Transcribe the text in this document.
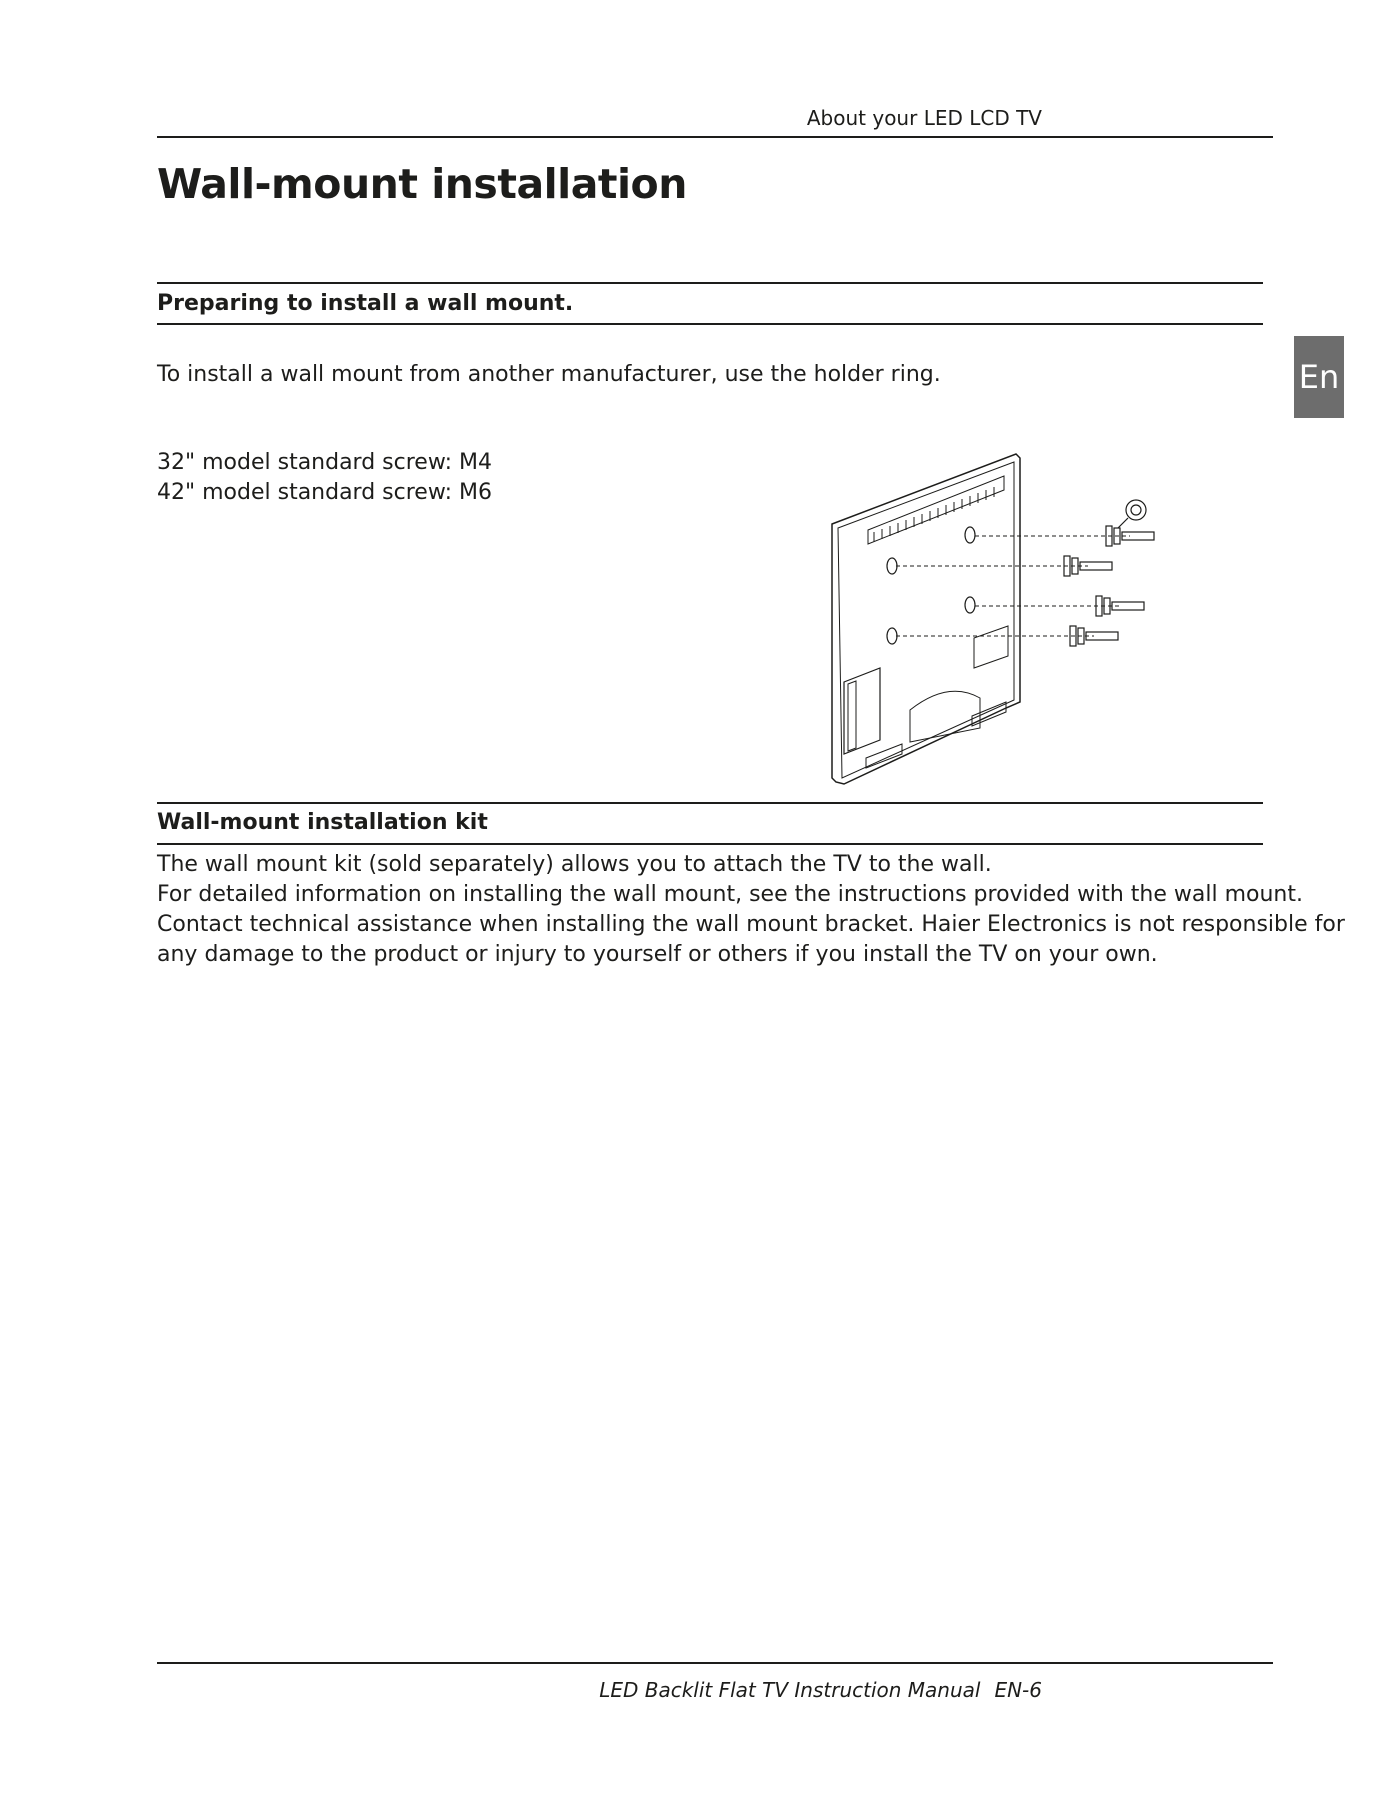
About your LED LCD TV
Wall-mount installation
En
Preparing to install a wall mount.
To install a wall mount from another manufacturer, use the holder ring.
32" model standard screw: M4
42" model standard screw: M6
Wall-mount installation kit
The wall mount kit (sold separately) allows you to attach the TV to the wall.
For detailed information on installing the wall mount, see the instructions provided with the wall mount.
Contact technical assistance when installing the wall mount bracket. Haier Electronics is not responsible for
any damage to the product or injury to yourself or others if you install the TV on your own.
LED Backlit Flat TV Instruction Manual EN-6
